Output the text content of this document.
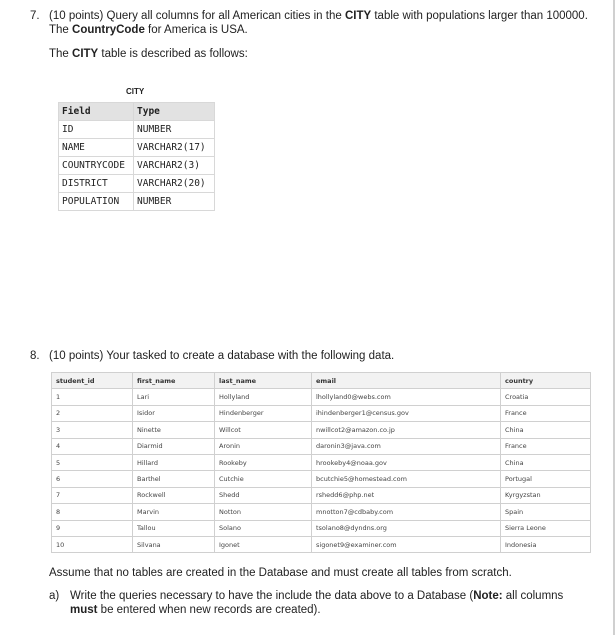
7. (10 points) Query all columns for all American cities in the CITY table with populations larger than 100000. The CountryCode for America is USA.
The CITY table is described as follows:
CITY
Field	Type
ID	NUMBER
NAME	VARCHAR2(17)
COUNTRYCODE	VARCHAR2(3)
DISTRICT	VARCHAR2(20)
POPULATION	NUMBER
8. (10 points) Your tasked to create a database with the following data.
student_id	first_name	last_name	email	country
1	Lari	Hollyland	lhollyland0@webs.com	Croatia
2	Isidor	Hindenberger	ihindenberger1@census.gov	France
3	Ninette	Willcot	nwillcot2@amazon.co.jp	China
4	Diarmid	Aronin	daronin3@java.com	France
5	Hillard	Rookeby	hrookeby4@noaa.gov	China
6	Barthel	Cutchie	bcutchie5@homestead.com	Portugal
7	Rockwell	Shedd	rshedd6@php.net	Kyrgyzstan
8	Marvin	Notton	mnotton7@cdbaby.com	Spain
9	Tallou	Solano	tsolano8@dyndns.org	Sierra Leone
10	Silvana	Igonet	sigonet9@examiner.com	Indonesia
Assume that no tables are created in the Database and must create all tables from scratch.
a) Write the queries necessary to have the include the data above to a Database (Note: all columns must be entered when new records are created).
